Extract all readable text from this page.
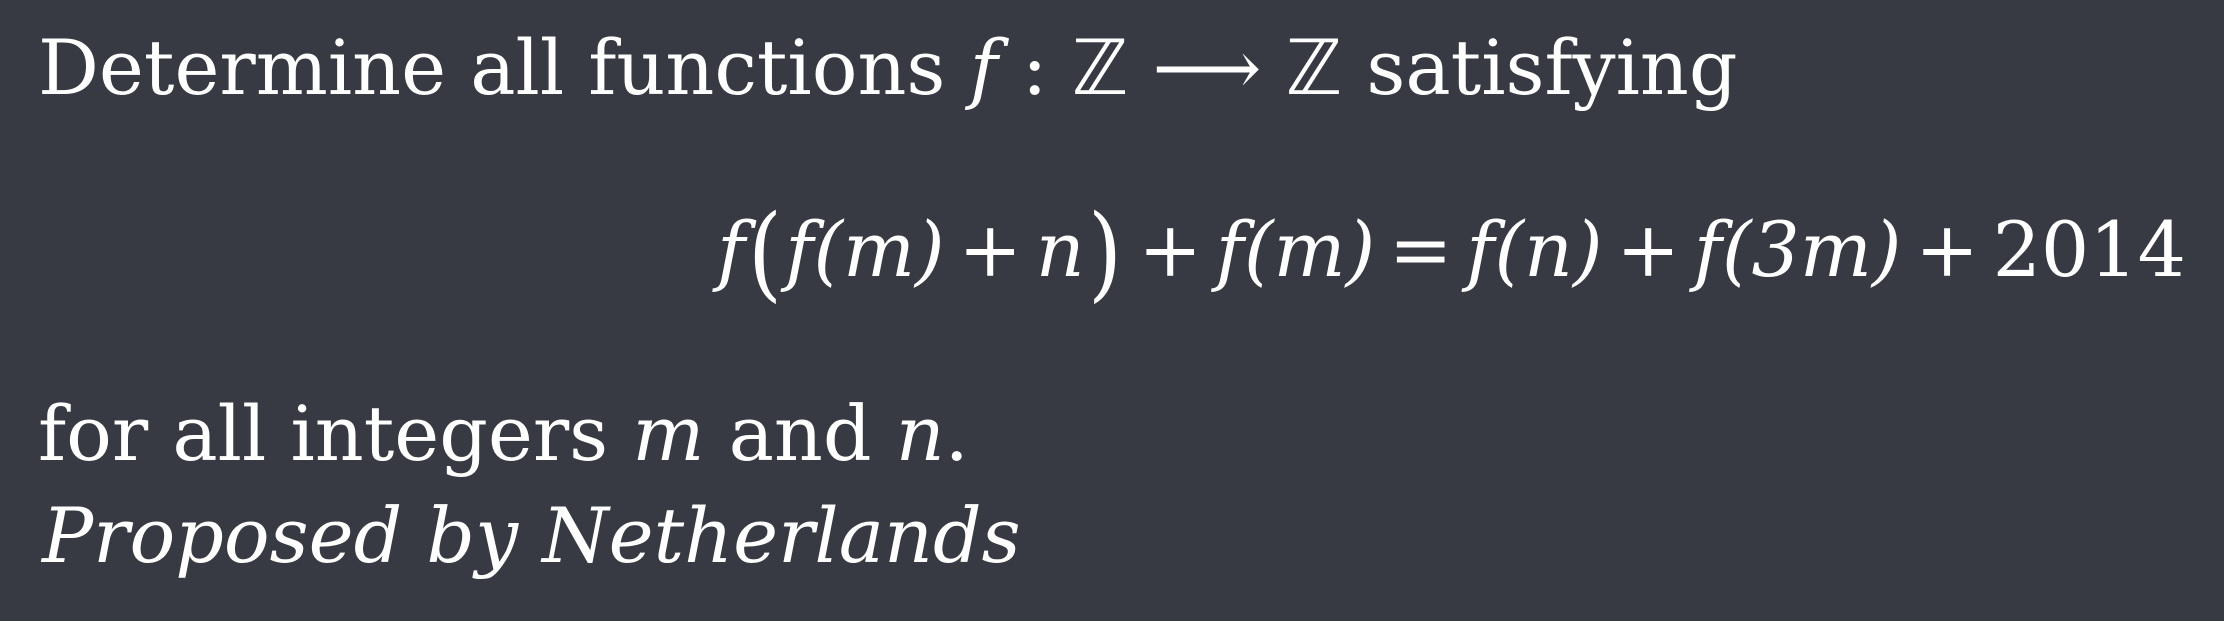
Determine all functions f : ℤ ⟶ ℤ satisfying
f(f(m) + n) + f(m) = f(n) + f(3m) + 2014
for all integers m and n.
Proposed by Netherlands
